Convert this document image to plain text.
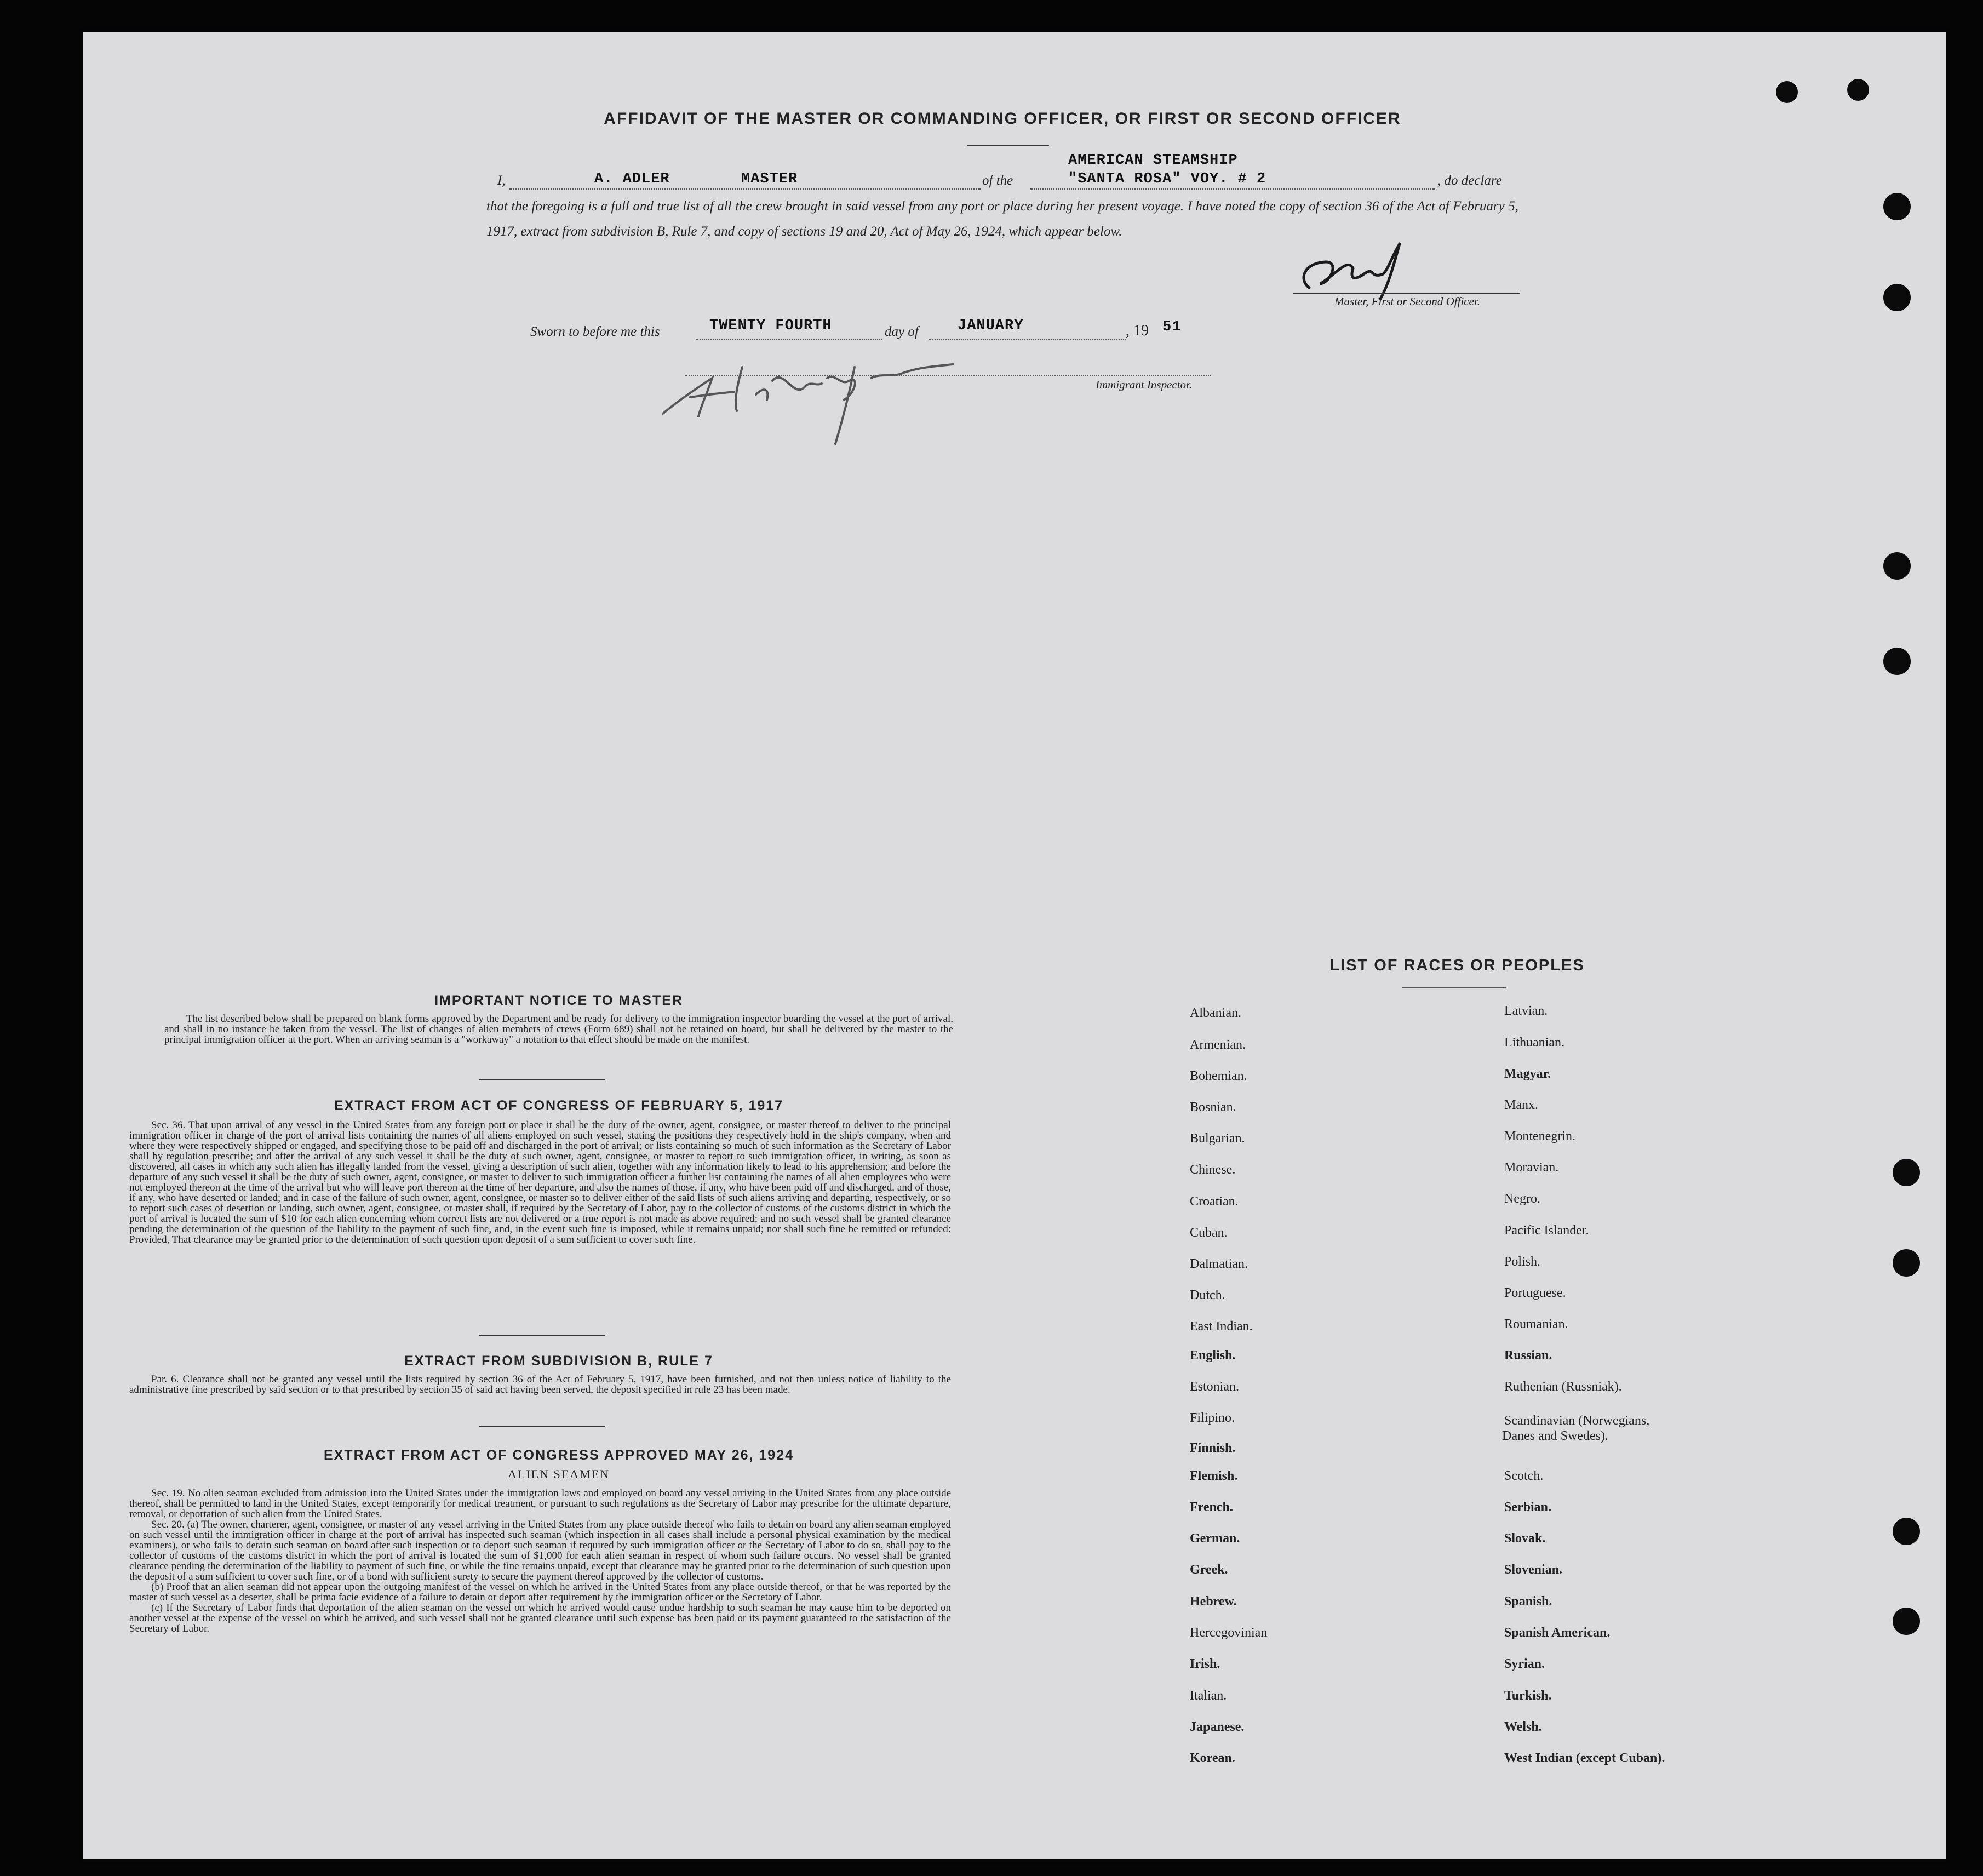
AFFIDAVIT OF THE MASTER OR COMMANDING OFFICER, OR FIRST OR SECOND OFFICER
I,	A. ADLER	MASTER	of the
AMERICAN STEAMSHIP
"SANTA ROSA" VOY. # 2	, do declare
that the foregoing is a full and true list of all the crew brought in said vessel from any port or place during her present voyage. I have noted the copy of section 36 of the Act of February 5, 1917, extract from subdivision B, Rule 7, and copy of sections 19 and 20, Act of May 26, 1924, which appear below.
Master, First or Second Officer.
Sworn to before me this	TWENTY FOURTH	day of	JANUARY	, 19 51
Immigrant Inspector.
IMPORTANT NOTICE TO MASTER

The list described below shall be prepared on blank forms approved by the Department and be ready for delivery to the immigration inspector boarding the vessel at the port of arrival, and shall in no instance be taken from the vessel. The list of changes of alien members of crews (Form 689) shall not be retained on board, but shall be delivered by the master to the principal immigration officer at the port. When an arriving seaman is a "workaway" a notation to that effect should be made on the manifest.

EXTRACT FROM ACT OF CONGRESS OF FEBRUARY 5, 1917

Sec. 36. That upon arrival of any vessel in the United States from any foreign port or place it shall be the duty of the owner, agent, consignee, or master thereof to deliver to the principal immigration officer in charge of the port of arrival lists containing the names of all aliens employed on such vessel, stating the positions they respectively hold in the ship's company, when and where they were respectively shipped or engaged, and specifying those to be paid off and discharged in the port of arrival; or lists containing so much of such information as the Secretary of Labor shall by regulation prescribe; and after the arrival of any such vessel it shall be the duty of such owner, agent, consignee, or master to report to such immigration officer, in writing, as soon as discovered, all cases in which any such alien has illegally landed from the vessel, giving a description of such alien, together with any information likely to lead to his apprehension; and before the departure of any such vessel it shall be the duty of such owner, agent, consignee, or master to deliver to such immigration officer a further list containing the names of all alien employees who were not employed thereon at the time of the arrival but who will leave port thereon at the time of her departure, and also the names of those, if any, who have been paid off and discharged, and of those, if any, who have deserted or landed; and in case of the failure of such owner, agent, consignee, or master so to deliver either of the said lists of such aliens arriving and departing, respectively, or so to report such cases of desertion or landing, such owner, agent, consignee, or master shall, if required by the Secretary of Labor, pay to the collector of customs of the customs district in which the port of arrival is located the sum of $10 for each alien concerning whom correct lists are not delivered or a true report is not made as above required; and no such vessel shall be granted clearance pending the determination of the question of the liability to the payment of such fine, and, in the event such fine is imposed, while it remains unpaid; nor shall such fine be remitted or refunded: Provided, That clearance may be granted prior to the determination of such question upon deposit of a sum sufficient to cover such fine.

EXTRACT FROM SUBDIVISION B, RULE 7

Par. 6. Clearance shall not be granted any vessel until the lists required by section 36 of the Act of February 5, 1917, have been furnished, and not then unless notice of liability to the administrative fine prescribed by said section or to that prescribed by section 35 of said act having been served, the deposit specified in rule 23 has been made.

EXTRACT FROM ACT OF CONGRESS APPROVED MAY 26, 1924
ALIEN SEAMEN

Sec. 19. No alien seaman excluded from admission into the United States under the immigration laws and employed on board any vessel arriving in the United States from any place outside thereof, shall be permitted to land in the United States, except temporarily for medical treatment, or pursuant to such regulations as the Secretary of Labor may prescribe for the ultimate departure, removal, or deportation of such alien from the United States.

Sec. 20. (a) The owner, charterer, agent, consignee, or master of any vessel arriving in the United States from any place outside thereof who fails to detain on board any alien seaman employed on such vessel until the immigration officer in charge at the port of arrival has inspected such seaman (which inspection in all cases shall include a personal physical examination by the medical examiners), or who fails to detain such seaman on board after such inspection or to deport such seaman if required by such immigration officer or the Secretary of Labor to do so, shall pay to the collector of customs of the customs district in which the port of arrival is located the sum of $1,000 for each alien seaman in respect of whom such failure occurs. No vessel shall be granted clearance pending the determination of the liability to payment of such fine, or while the fine remains unpaid, except that clearance may be granted prior to the determination of such question upon the deposit of a sum sufficient to cover such fine, or of a bond with sufficient surety to secure the payment thereof approved by the collector of customs.

(b) Proof that an alien seaman did not appear upon the outgoing manifest of the vessel on which he arrived in the United States from any place outside thereof, or that he was reported by the master of such vessel as a deserter, shall be prima facie evidence of a failure to detain or deport after requirement by the immigration officer or the Secretary of Labor.

(c) If the Secretary of Labor finds that deportation of the alien seaman on the vessel on which he arrived would cause undue hardship to such seaman he may cause him to be deported on another vessel at the expense of the vessel on which he arrived, and such vessel shall not be granted clearance until such expense has been paid or its payment guaranteed to the satisfaction of the Secretary of Labor.

LIST OF RACES OR PEOPLES
Albanian.
Armenian.
Bohemian.
Bosnian.
Bulgarian.
Chinese.
Croatian.
Cuban.
Dalmatian.
Dutch.
East Indian.
English.
Estonian.
Filipino.
Finnish.
Flemish.
French.
German.
Greek.
Hebrew.
Hercegovinian
Irish.
Italian.
Japanese.
Korean.
Latvian.
Lithuanian.
Magyar.
Manx.
Montenegrin.
Moravian.
Negro.
Pacific Islander.
Polish.
Portuguese.
Roumanian.
Russian.
Ruthenian (Russniak).
Scandinavian (Norwegians,
Danes and Swedes).
Scotch.
Serbian.
Slovak.
Slovenian.
Spanish.
Spanish American.
Syrian.
Turkish.
Welsh.
West Indian (except Cuban).
